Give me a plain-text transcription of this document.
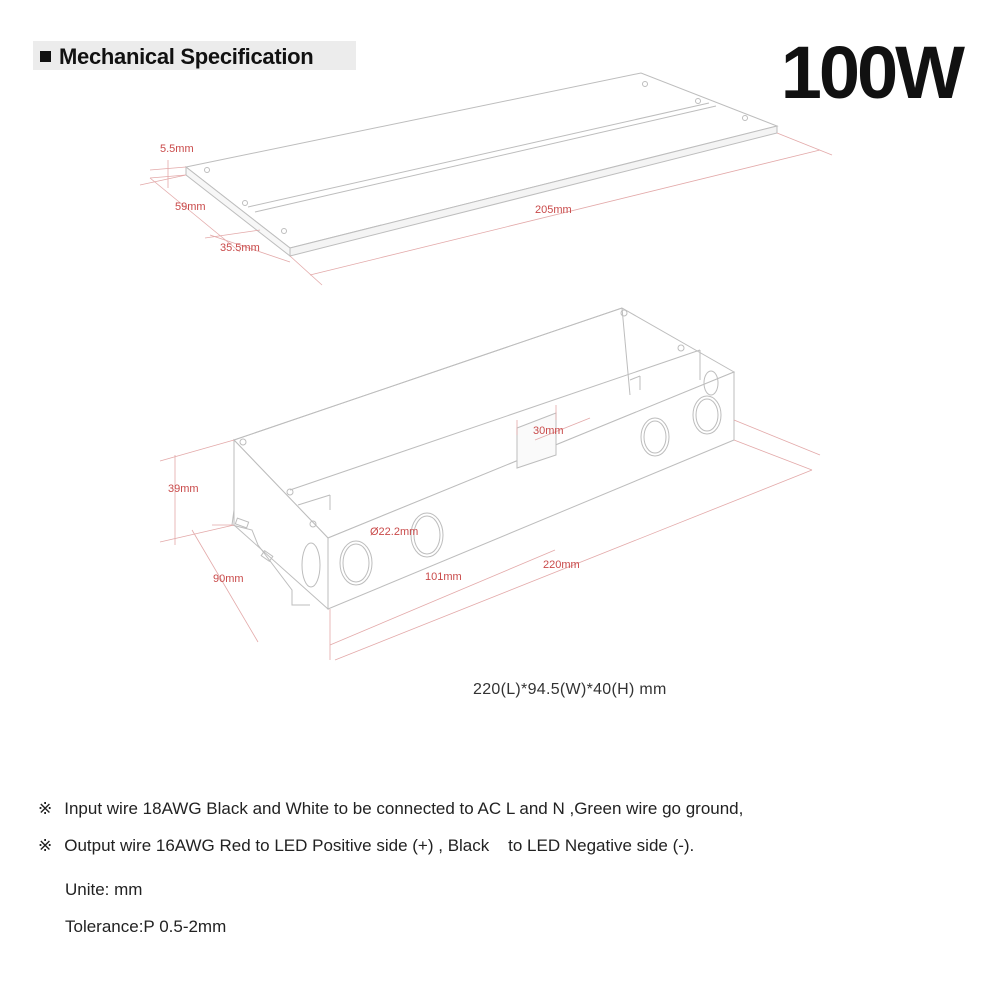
Mechanical Specification	100W
5.5mm
59mm
35.5mm
205mm
39mm
90mm
Ø22.2mm
30mm
101mm
220mm
220(L)*94.5(W)*40(H) mm
※ Input wire 18AWG Black and White to be connected to AC L and N ,Green wire go ground,
※ Output wire 16AWG Red to LED Positive side (+) , Black    to LED Negative side (-).
Unite: mm
Tolerance:P 0.5-2mm
